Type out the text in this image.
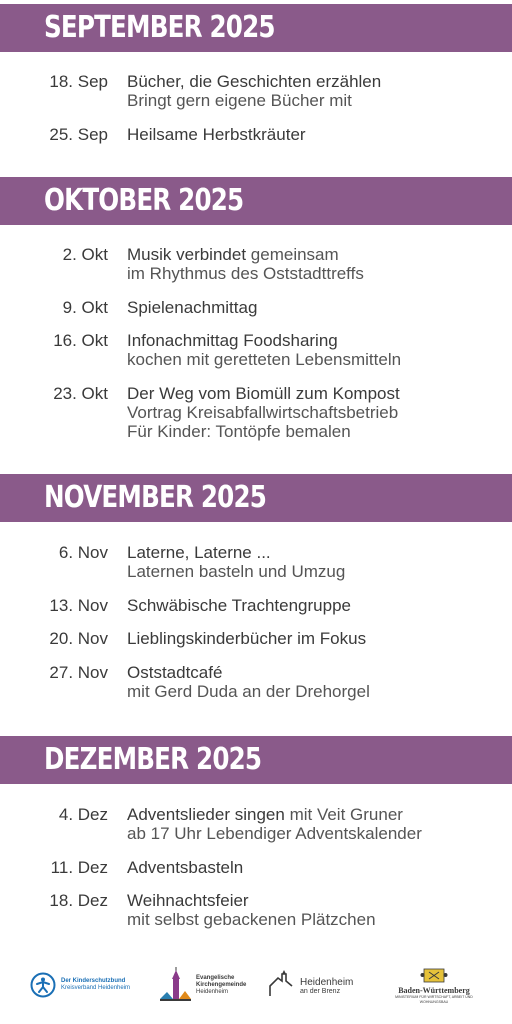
SEPTEMBER 2025
18. Sep Bücher, die Geschichten erzählen
Bringt gern eigene Bücher mit
25. Sep Heilsame Herbstkräuter
OKTOBER 2025
2. Okt Musik verbindet gemeinsam
im Rhythmus des Oststadttreffs
9. Okt Spielenachmittag
16. Okt Infonachmittag Foodsharing
kochen mit geretteten Lebensmitteln
23. Okt Der Weg vom Biomüll zum Kompost
Vortrag Kreisabfallwirtschaftsbetrieb
Für Kinder: Tontöpfe bemalen
NOVEMBER 2025
6. Nov Laterne, Laterne ...
Laternen basteln und Umzug
13. Nov Schwäbische Trachtengruppe
20. Nov Lieblingskinderbücher im Fokus
27. Nov Oststadtcafé
mit Gerd Duda an der Drehorgel
DEZEMBER 2025
4. Dez Adventslieder singen mit Veit Gruner
ab 17 Uhr Lebendiger Adventskalender
11. Dez Adventsbasteln
18. Dez Weihnachtsfeier
mit selbst gebackenen Plätzchen
Der Kinderschutzbund
Kreisverband Heidenheim
Evangelische
Kirchengemeinde
Heidenheim
Heidenheim
an der Brenz	Baden-Württemberg
MINISTERIUM FÜR WIRTSCHAFT, ARBEIT UND WOHNUNGSBAU
